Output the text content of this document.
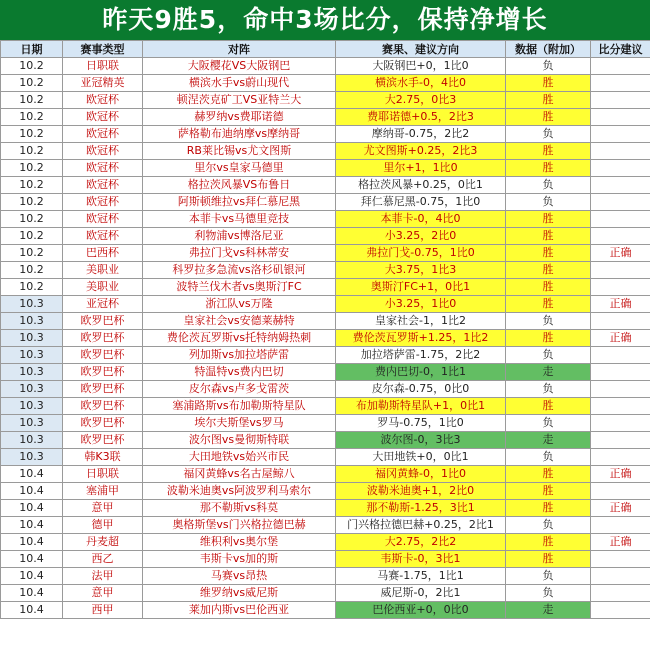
昨天9胜5，命中3场比分，保持净增长
日期	赛事类型	对阵	赛果、建议方向	数据（附加）	比分建议
10.2	日职联	大阪樱花VS大阪钢巴	大阪钢巴+0，1比0	负	
10.2	亚冠精英	横滨水手vs蔚山现代	横滨水手-0，4比0	胜	
10.2	欧冠杯	顿涅茨克矿工VS亚特兰大	大2.75，0比3	胜	
10.2	欧冠杯	赫罗纳vs费耶诺德	费耶诺德+0.5，2比3	胜	
10.2	欧冠杯	萨格勒布迪纳摩vs摩纳哥	摩纳哥-0.75，2比2	负	
10.2	欧冠杯	RB莱比锡vs尤文图斯	尤文图斯+0.25，2比3	胜	
10.2	欧冠杯	里尔vs皇家马德里	里尔+1，1比0	胜	
10.2	欧冠杯	格拉茨风暴VS布鲁日	格拉茨风暴+0.25，0比1	负	
10.2	欧冠杯	阿斯顿维拉vs拜仁慕尼黑	拜仁慕尼黑-0.75，1比0	负	
10.2	欧冠杯	本菲卡vs马德里竞技	本菲卡-0，4比0	胜	
10.2	欧冠杯	利物浦vs博洛尼亚	小3.25，2比0	胜	
10.2	巴西杯	弗拉门戈vs科林蒂安	弗拉门戈-0.75，1比0	胜	正确
10.2	美职业	科罗拉多急流vs洛杉矶银河	大3.75，1比3	胜	
10.2	美职业	波特兰伐木者vs奥斯汀FC	奥斯汀FC+1，0比1	胜	
10.3	亚冠杯	浙江队vs万隆	小3.25，1比0	胜	正确
10.3	欧罗巴杯	皇家社会vs安德莱赫特	皇家社会-1，1比2	负	
10.3	欧罗巴杯	费伦茨瓦罗斯vs托特纳姆热刺	费伦茨瓦罗斯+1.25，1比2	胜	正确
10.3	欧罗巴杯	列加斯vs加拉塔萨雷	加拉塔萨雷-1.75，2比2	负	
10.3	欧罗巴杯	特温特vs费内巴切	费内巴切-0，1比1	走	
10.3	欧罗巴杯	皮尔森vs卢多戈雷茨	皮尔森-0.75，0比0	负	
10.3	欧罗巴杯	塞浦路斯vs布加勒斯特星队	布加勒斯特星队+1，0比1	胜	
10.3	欧罗巴杯	埃尔夫斯堡vs罗马	罗马-0.75，1比0	负	
10.3	欧罗巴杯	波尔图vs曼彻斯特联	波尔图-0，3比3	走	
10.3	韩K3联	大田地铁vs始兴市民	大田地铁+0，0比1	负	
10.4	日职联	福冈黄蜂vs名古屋鲸八	福冈黄蜂-0，1比0	胜	正确
10.4	塞浦甲	波勒米迪奥vs阿波罗利马索尔	波勒米迪奥+1，2比0	胜	
10.4	意甲	那不勒斯vs科莫	那不勒斯-1.25，3比1	胜	正确
10.4	德甲	奥格斯堡vs门兴格拉德巴赫	门兴格拉德巴赫+0.25，2比1	负	
10.4	丹麦超	维积利vs奥尔堡	大2.75，2比2	胜	正确
10.4	西乙	韦斯卡vs加的斯	韦斯卡-0，3比1	胜	
10.4	法甲	马赛vs昂热	马赛-1.75，1比1	负	
10.4	意甲	维罗纳vs威尼斯	威尼斯-0，2比1	负	
10.4	西甲	莱加内斯vs巴伦西亚	巴伦西亚+0，0比0	走	
